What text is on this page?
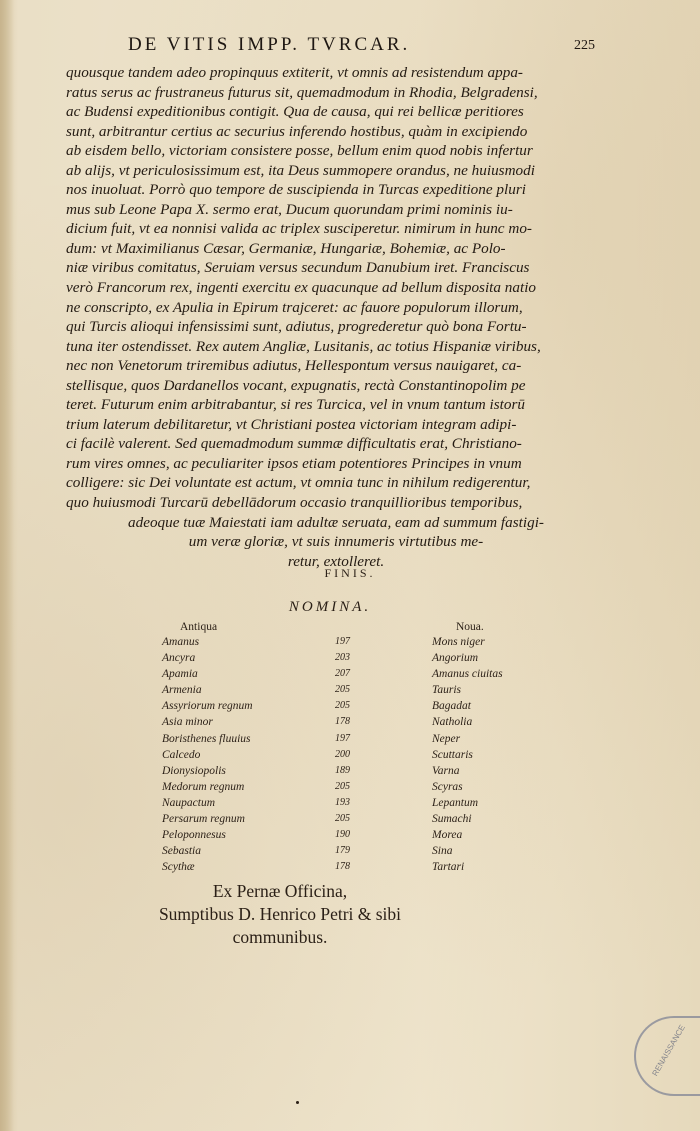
DE VITIS IMPP. TVRCAR.	225
quousque tandem adeo propinquus extiterit, vt omnis ad resistendum appa-
ratus serus ac frustraneus futurus sit, quemadmodum in Rhodia, Belgradensi,
ac Budensi expeditionibus contigit. Qua de causa, qui rei bellicæ peritiores
sunt, arbitrantur certius ac securius inferendo hostibus, quàm in excipiendo
ab eisdem bello, victoriam consistere posse, bellum enim quod nobis infertur
ab alijs, vt periculosissimum est, ita Deus summopere orandus, ne huiusmodi
nos inuoluat. Porrò quo tempore de suscipienda in Turcas expeditione pluri
mus sub Leone Papa X. sermo erat, Ducum quorundam primi nominis iu-
dicium fuit, vt ea nonnisi valida ac triplex susciperetur. nimirum in hunc mo-
dum: vt Maximilianus Cæsar, Germaniæ, Hungariæ, Bohemiæ, ac Polo-
niæ viribus comitatus, Seruiam versus secundum Danubium iret. Franciscus
verò Francorum rex, ingenti exercitu ex quacunque ad bellum disposita natio
ne conscripto, ex Apulia in Epirum trajceret: ac fauore populorum illorum,
qui Turcis alioqui infensissimi sunt, adiutus, progrederetur quò bona Fortu-
tuna iter ostendisset. Rex autem Angliæ, Lusitanis, ac totius Hispaniæ viribus,
nec non Venetorum triremibus adiutus, Hellespontum versus nauigaret, ca-
stellisque, quos Dardanellos vocant, expugnatis, rectà Constantinopolim pe
teret. Futurum enim arbitrabantur, si res Turcica, vel in vnum tantum istorū
trium laterum debilitaretur, vt Christiani postea victoriam integram adipi-
ci facilè valerent. Sed quemadmodum summæ difficultatis erat, Christiano-
rum vires omnes, ac peculiariter ipsos etiam potentiores Principes in vnum
colligere: sic Dei voluntate est actum, vt omnia tunc in nihilum redigerentur,
quo huiusmodi Turcarū debellādorum occasio tranquillioribus temporibus,
adeoque tuæ Maiestati iam adultæ seruata, eam ad summum fastigi-
um veræ gloriæ, vt suis innumeris virtutibus me-
retur, extolleret.
FINIS.
NOMINA.
Antiqua	Noua.
Amanus	197	Mons niger
Ancyra	203	Angorium
Apamia	207	Amanus ciuitas
Armenia	205	Tauris
Assyriorum regnum	205	Bagadat
Asia minor	178	Natholia
Boristhenes fluuius	197	Neper
Calcedo	200	Scuttaris
Dionysiopolis	189	Varna
Medorum regnum	205	Scyras
Naupactum	193	Lepantum
Persarum regnum	205	Sumachi
Peloponnesus	190	Morea
Sebastia	179	Sina
Scythæ	178	Tartari
Ex Pernæ Officina,
Sumptibus D. Henrico Petri & sibi
communibus.
RENAISSANCE
